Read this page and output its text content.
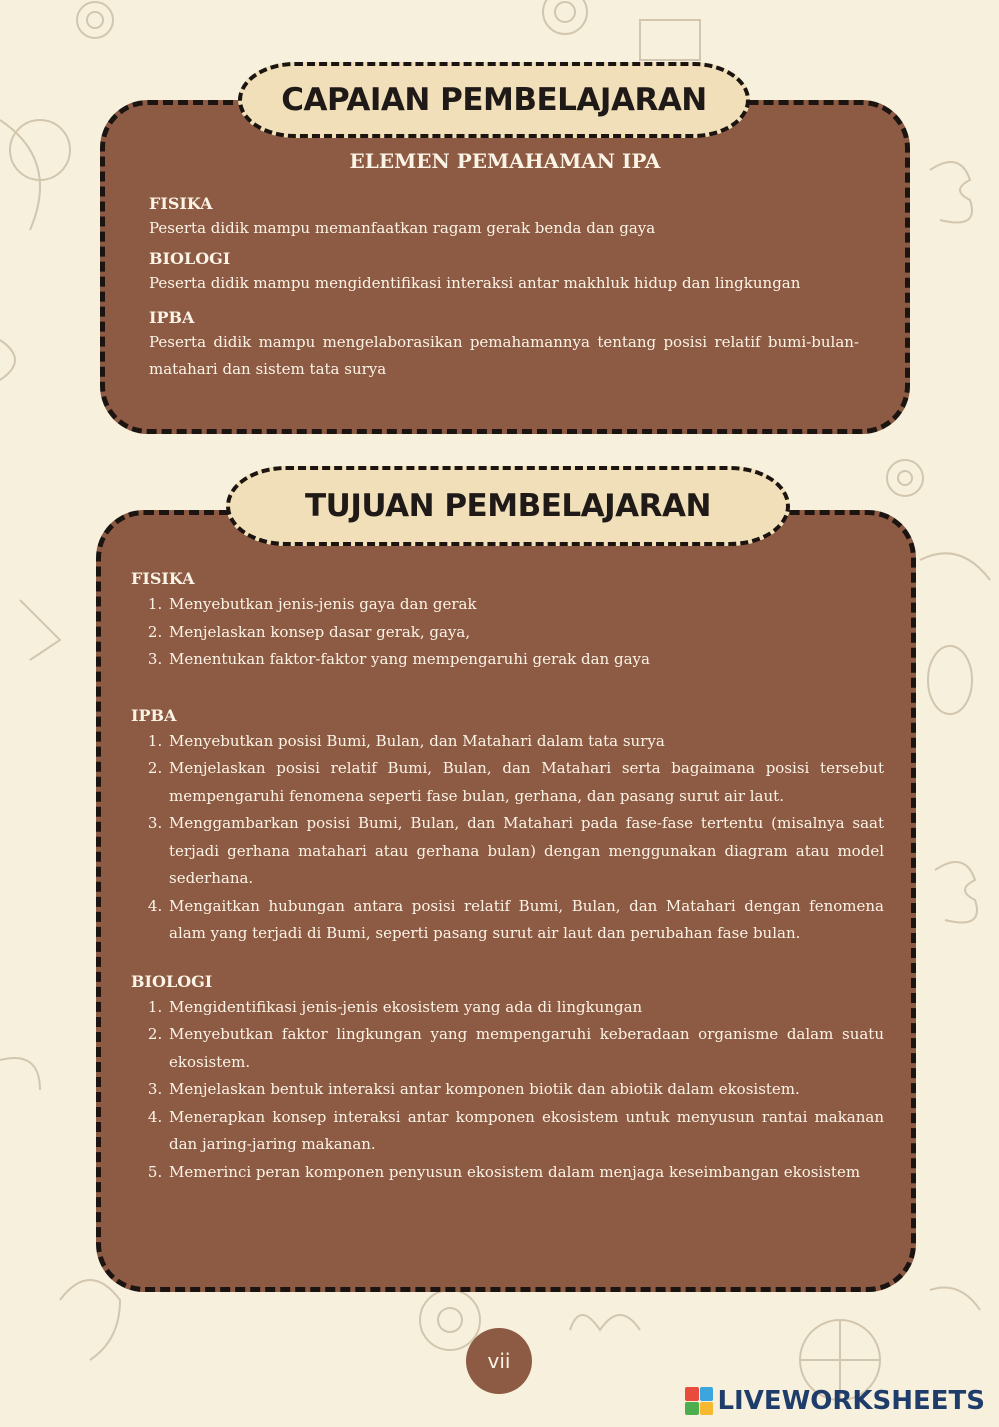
ELEMEN PEMAHAMAN IPA

FISIKA

Peserta didik mampu memanfaatkan ragam gerak benda dan gaya

BIOLOGI

Peserta didik mampu mengidentifikasi interaksi antar makhluk hidup dan lingkungan

IPBA

Peserta didik mampu mengelaborasikan pemahamannya tentang posisi relatif bumi-bulan-matahari dan sistem tata surya

CAPAIAN PEMBELAJARAN
FISIKA
1. Menyebutkan jenis-jenis gaya dan gerak
2. Menjelaskan konsep dasar gerak, gaya,
3. Menentukan faktor-faktor yang mempengaruhi gerak dan gaya
IPBA
1. Menyebutkan posisi Bumi, Bulan, dan Matahari dalam tata surya
2. Menjelaskan posisi relatif Bumi, Bulan, dan Matahari serta bagaimana posisi tersebut mempengaruhi fenomena seperti fase bulan, gerhana, dan pasang surut air laut.
3. Menggambarkan posisi Bumi, Bulan, dan Matahari pada fase-fase tertentu (misalnya saat terjadi gerhana matahari atau gerhana bulan) dengan menggunakan diagram atau model sederhana.
4. Mengaitkan hubungan antara posisi relatif Bumi, Bulan, dan Matahari dengan fenomena alam yang terjadi di Bumi, seperti pasang surut air laut dan perubahan fase bulan.
BIOLOGI
1. Mengidentifikasi jenis-jenis ekosistem yang ada di lingkungan
2. Menyebutkan faktor lingkungan yang mempengaruhi keberadaan organisme dalam suatu ekosistem.
3. Menjelaskan bentuk interaksi antar komponen biotik dan abiotik dalam ekosistem.
4. Menerapkan konsep interaksi antar komponen ekosistem untuk menyusun rantai makanan dan jaring-jaring makanan.
5. Memerinci peran komponen penyusun ekosistem dalam menjaga keseimbangan ekosistem
TUJUAN PEMBELAJARAN
vii
LIVEWORKSHEETS
